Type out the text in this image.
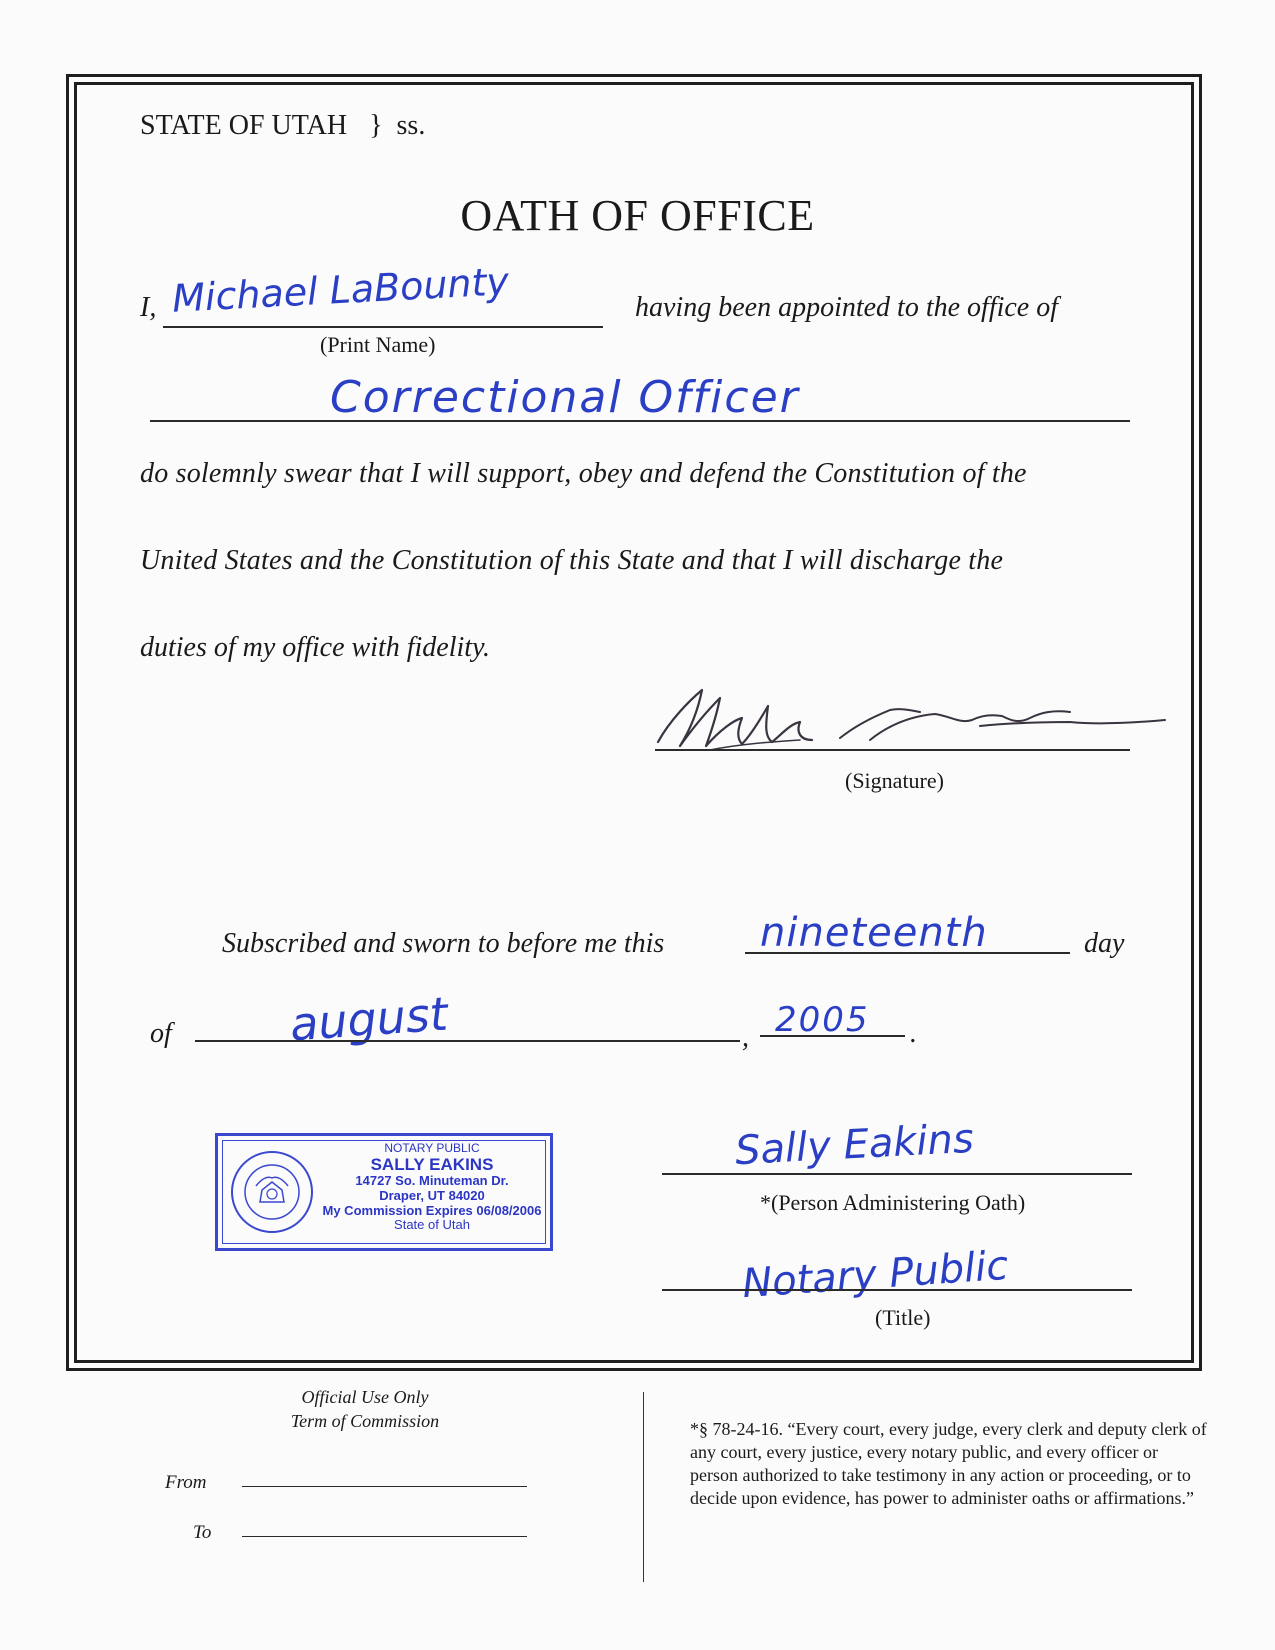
STATE OF UTAH } ss.
OATH OF OFFICE
I, Michael LaBounty	having been appointed to the office of
(Print Name)
Correctional Officer
do solemnly swear that I will support, obey and defend the Constitution of the
United States and the Constitution of this State and that I will discharge the
duties of my office with fidelity.
(Signature)
Subscribed and sworn to before me this nineteenth	day
of	august	, 2005 .
NOTARY PUBLIC
SALLY EAKINS
14727 So. Minuteman Dr.
Draper, UT 84020
My Commission Expires 06/08/2006
State of Utah
Sally Eakins
*(Person Administering Oath)
Notary Public
(Title)
Official Use Only
Term of Commission
From
To
*§ 78-24-16. “Every court, every judge, every clerk and deputy clerk of any court, every justice, every notary public, and every officer or person authorized to take testimony in any action or proceeding, or to decide upon evidence, has power to administer oaths or affirmations.”
